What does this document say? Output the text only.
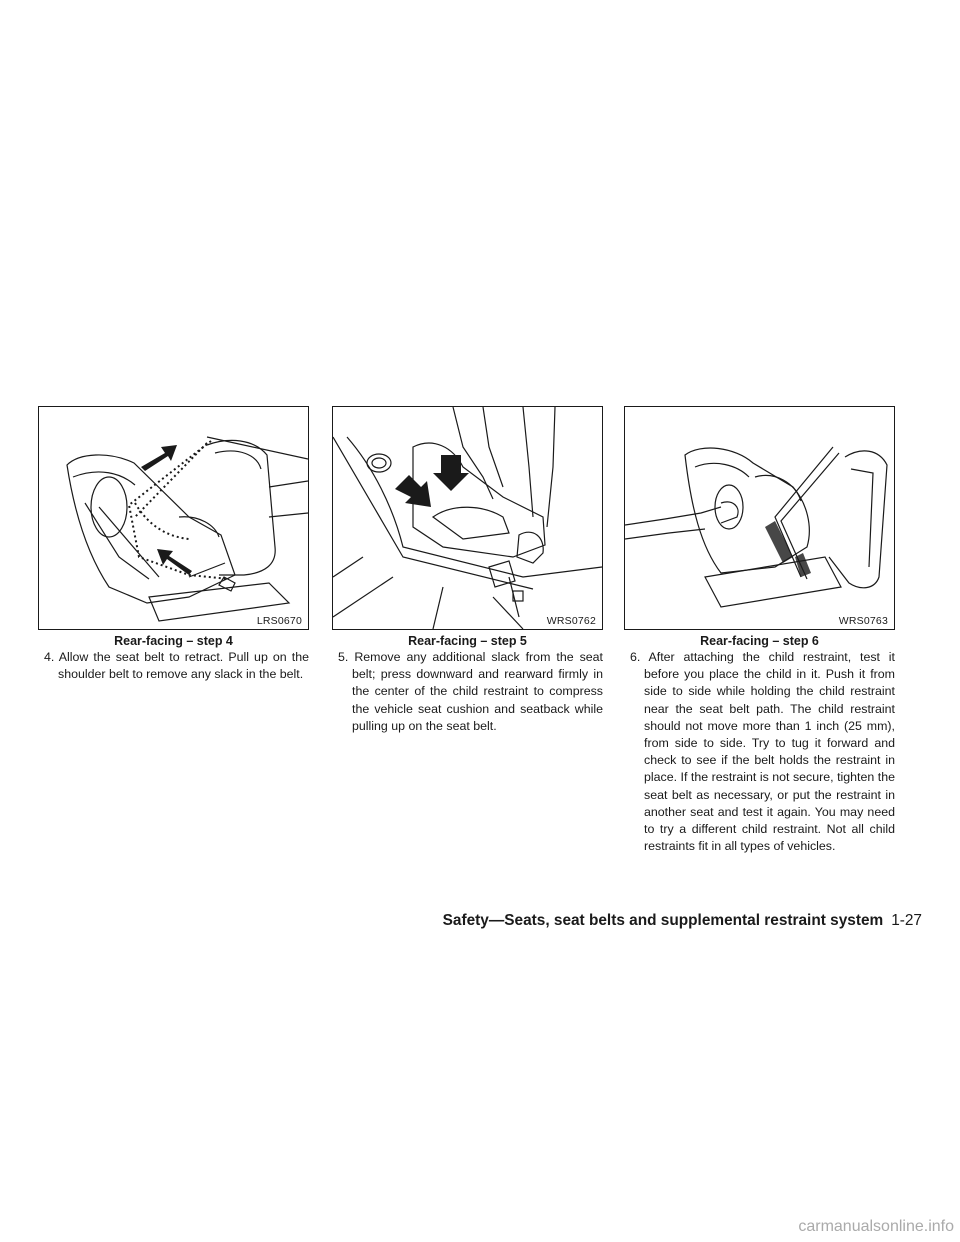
LRS0670
Rear-facing – step 4

4. Allow the seat belt to retract. Pull up on the shoulder belt to remove any slack in the belt.

WRS0762
Rear-facing – step 5

5. Remove any additional slack from the seat belt; press downward and rearward firmly in the center of the child restraint to compress the vehicle seat cushion and seatback while pulling up on the seat belt.

WRS0763
Rear-facing – step 6

6. After attaching the child restraint, test it before you place the child in it. Push it from side to side while holding the child restraint near the seat belt path. The child restraint should not move more than 1 inch (25 mm), from side to side. Try to tug it forward and check to see if the belt holds the restraint in place. If the restraint is not secure, tighten the seat belt as necessary, or put the restraint in another seat and test it again. You may need to try a different child restraint. Not all child restraints fit in all types of vehicles.

Safety—Seats, seat belts and supplemental restraint system 1-27
carmanualsonline.info
